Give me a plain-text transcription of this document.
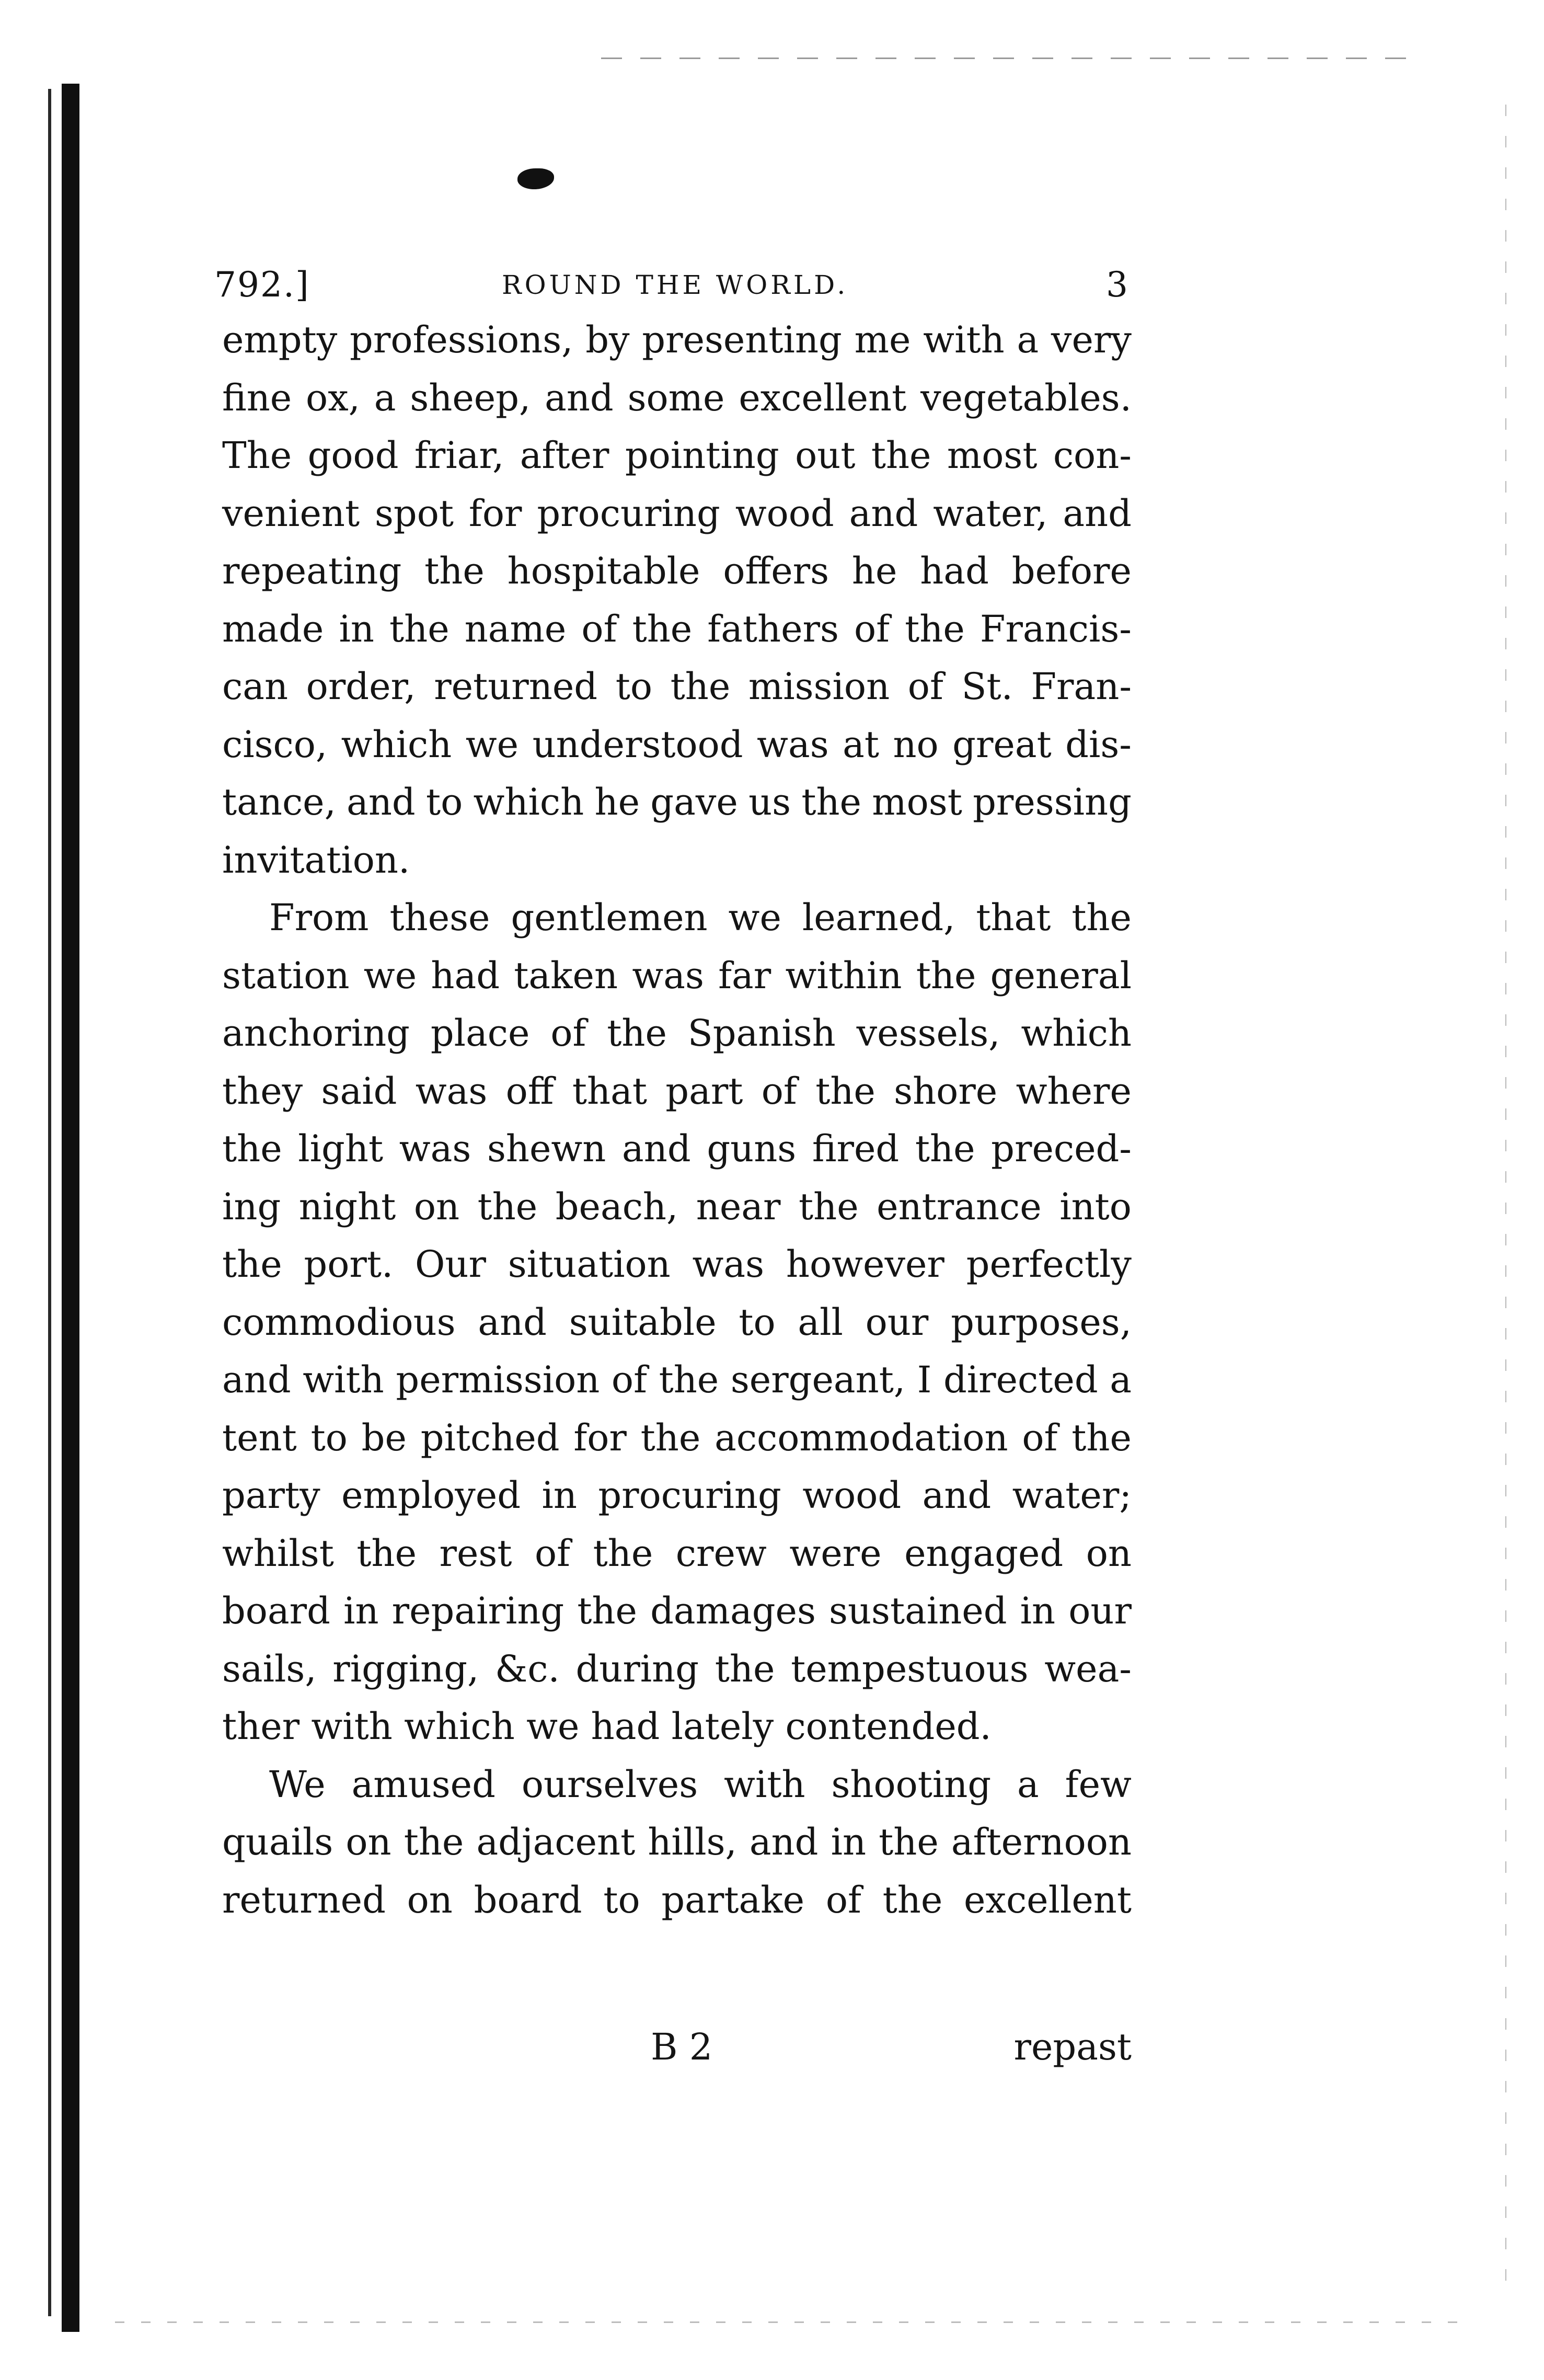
792.]	ROUND THE WORLD.	3
empty professions, by presenting me with a very
fine ox, a sheep, and some excellent vegetables.
The good friar, after pointing out the most con-
venient spot for procuring wood and water, and
repeating the hospitable offers he had before
made in the name of the fathers of the Francis-
can order, returned to the mission of St. Fran-
cisco, which we understood was at no great dis-
tance, and to which he gave us the most pressing
invitation.
From these gentlemen we learned, that the
station we had taken was far within the general
anchoring place of the Spanish vessels, which
they said was off that part of the shore where
the light was shewn and guns fired the preced-
ing night on the beach, near the entrance into
the port. Our situation was however perfectly
commodious and suitable to all our purposes,
and with permission of the sergeant, I directed a
tent to be pitched for the accommodation of the
party employed in procuring wood and water;
whilst the rest of the crew were engaged on
board in repairing the damages sustained in our
sails, rigging, &c. during the tempestuous wea-
ther with which we had lately contended.
We amused ourselves with shooting a few
quails on the adjacent hills, and in the afternoon
returned on board to partake of the excellent
B 2	repast
